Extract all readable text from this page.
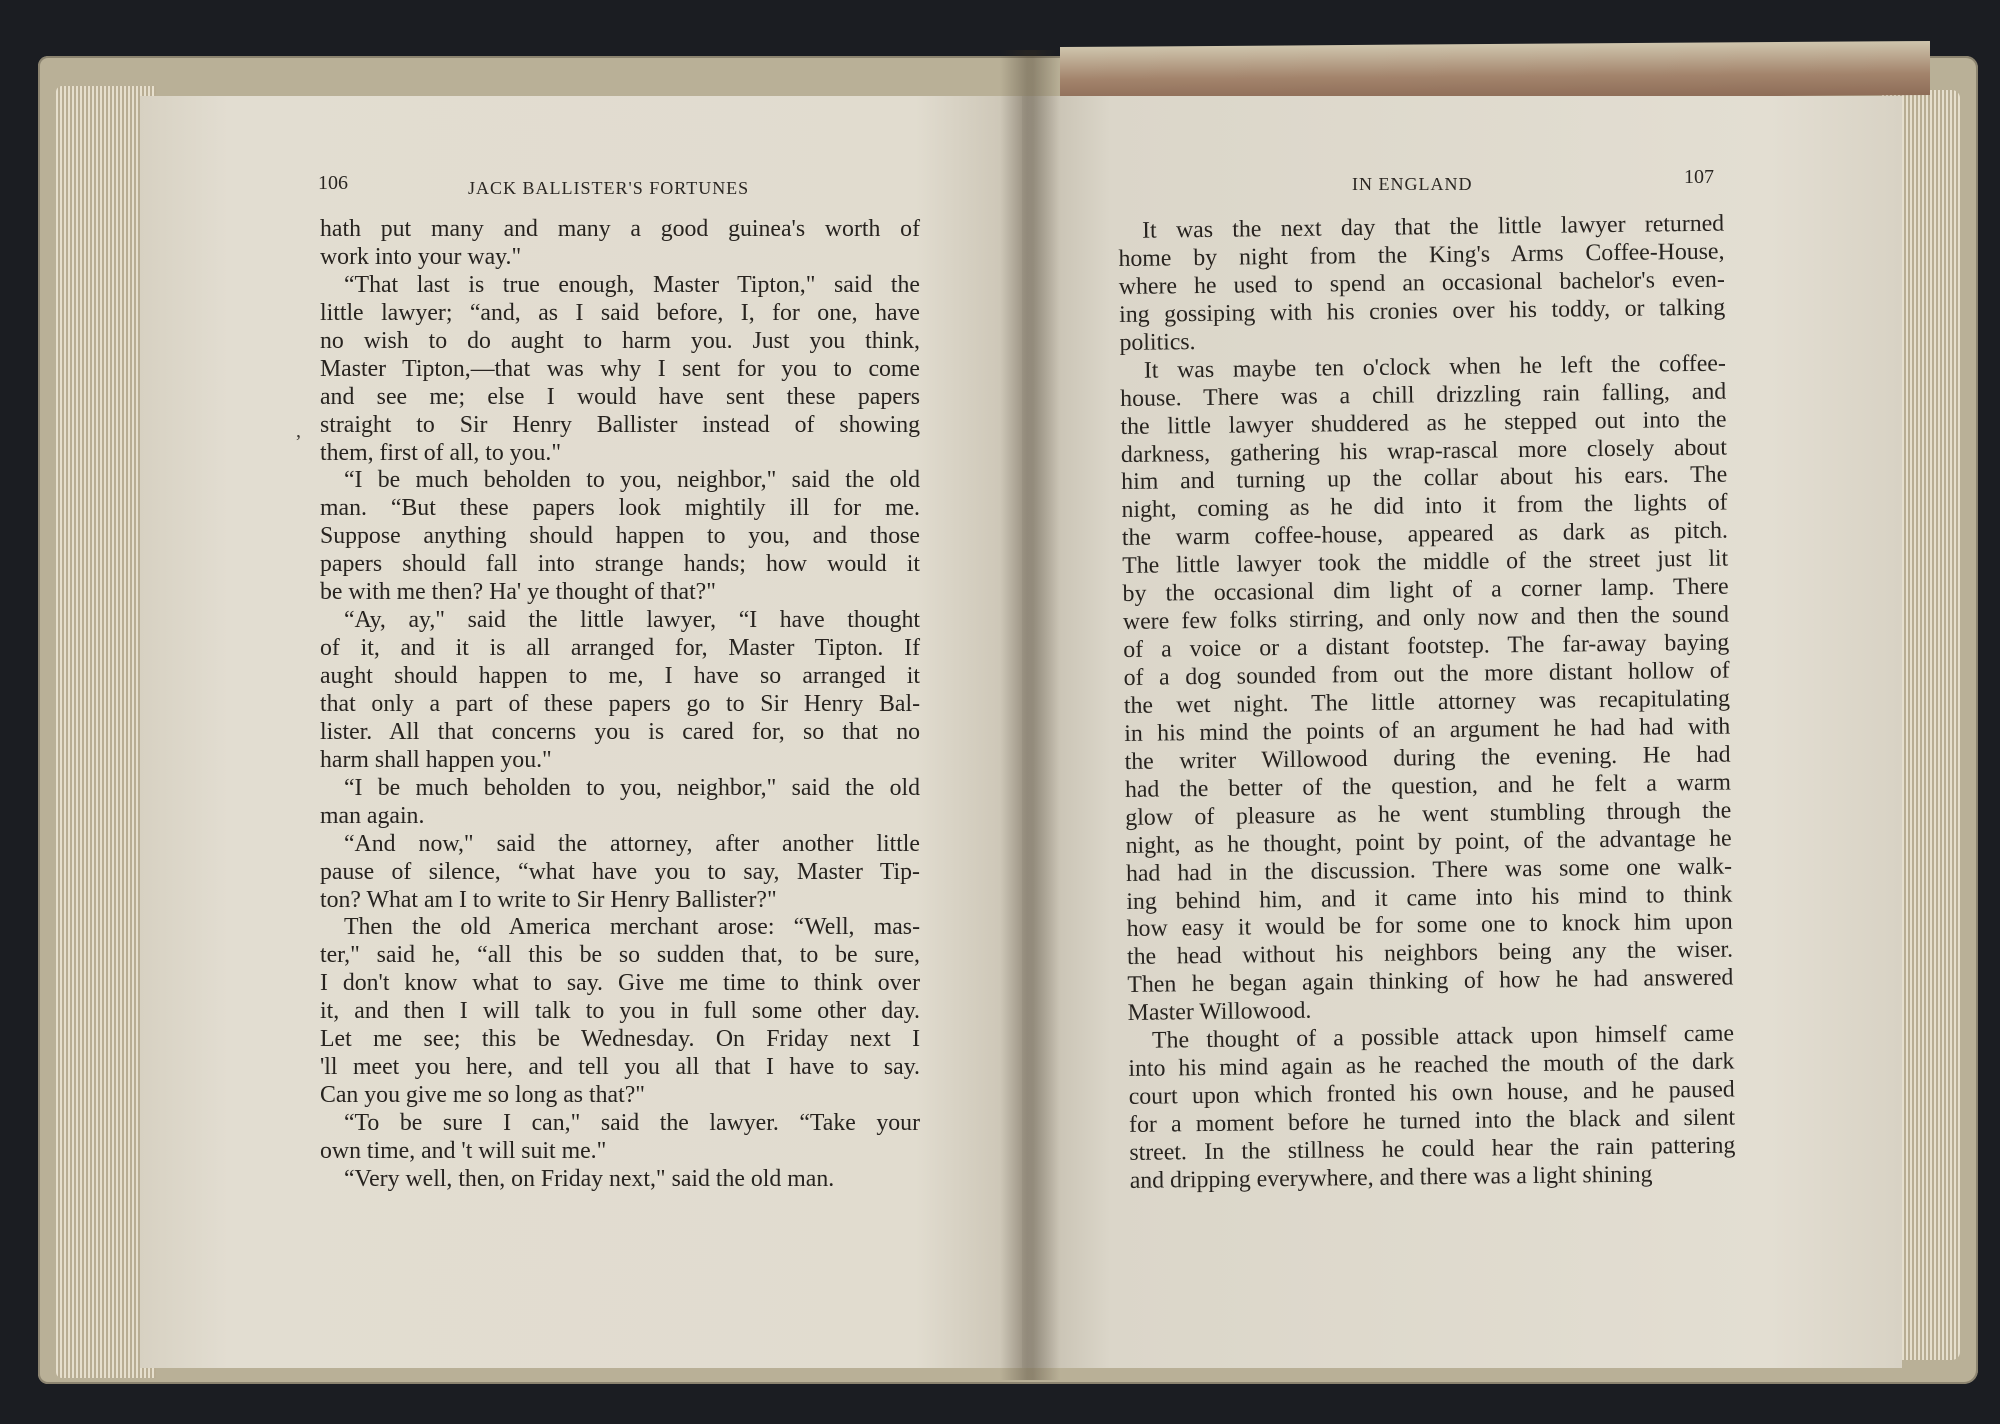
106	JACK BALLISTER'S FORTUNES	IN ENGLAND	107
,
hath put many and many a good guinea's worth of
work into your way."
“That last is true enough, Master Tipton," said the
little lawyer; “and, as I said before, I, for one, have
no wish to do aught to harm you. Just you think,
Master Tipton,—that was why I sent for you to come
and see me; else I would have sent these papers
straight to Sir Henry Ballister instead of showing
them, first of all, to you."
“I be much beholden to you, neighbor," said the old
man. “But these papers look mightily ill for me.
Suppose anything should happen to you, and those
papers should fall into strange hands; how would it
be with me then? Ha' ye thought of that?"
“Ay, ay," said the little lawyer, “I have thought
of it, and it is all arranged for, Master Tipton. If
aught should happen to me, I have so arranged it
that only a part of these papers go to Sir Henry Bal-
lister. All that concerns you is cared for, so that no
harm shall happen you."
“I be much beholden to you, neighbor," said the old
man again.
“And now," said the attorney, after another little
pause of silence, “what have you to say, Master Tip-
ton? What am I to write to Sir Henry Ballister?"
Then the old America merchant arose: “Well, mas-
ter," said he, “all this be so sudden that, to be sure,
I don't know what to say. Give me time to think over
it, and then I will talk to you in full some other day.
Let me see; this be Wednesday. On Friday next I
'll meet you here, and tell you all that I have to say.
Can you give me so long as that?"
“To be sure I can," said the lawyer. “Take your
own time, and 't will suit me."
“Very well, then, on Friday next," said the old man.
It was the next day that the little lawyer returned
home by night from the King's Arms Coffee-House,
where he used to spend an occasional bachelor's even-
ing gossiping with his cronies over his toddy, or talking
politics.
It was maybe ten o'clock when he left the coffee-
house. There was a chill drizzling rain falling, and
the little lawyer shuddered as he stepped out into the
darkness, gathering his wrap-rascal more closely about
him and turning up the collar about his ears. The
night, coming as he did into it from the lights of
the warm coffee-house, appeared as dark as pitch.
The little lawyer took the middle of the street just lit
by the occasional dim light of a corner lamp. There
were few folks stirring, and only now and then the sound
of a voice or a distant footstep. The far-away baying
of a dog sounded from out the more distant hollow of
the wet night. The little attorney was recapitulating
in his mind the points of an argument he had had with
the writer Willowood during the evening. He had
had the better of the question, and he felt a warm
glow of pleasure as he went stumbling through the
night, as he thought, point by point, of the advantage he
had had in the discussion. There was some one walk-
ing behind him, and it came into his mind to think
how easy it would be for some one to knock him upon
the head without his neighbors being any the wiser.
Then he began again thinking of how he had answered
Master Willowood.
The thought of a possible attack upon himself came
into his mind again as he reached the mouth of the dark
court upon which fronted his own house, and he paused
for a moment before he turned into the black and silent
street. In the stillness he could hear the rain pattering
and dripping everywhere, and there was a light shining
